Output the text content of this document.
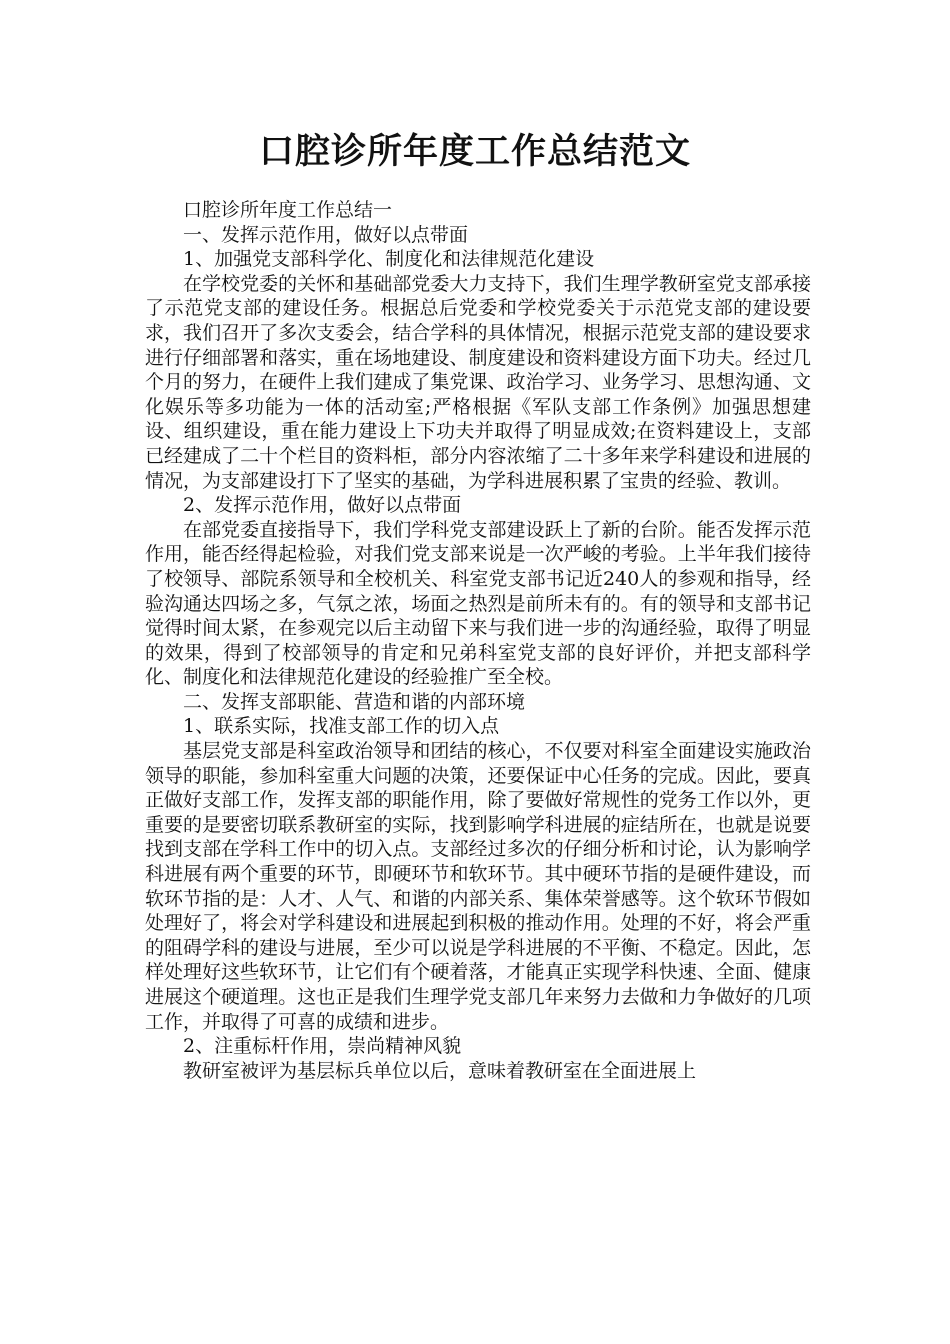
口腔诊所年度工作总结范文

口腔诊所年度工作总结一

一、发挥示范作用，做好以点带面

1、加强党支部科学化、制度化和法律规范化建设

在学校党委的关怀和基础部党委大力支持下，我们生理学教研室党支部承接了示范党支部的建设任务。根据总后党委和学校党委关于示范党支部的建设要求，我们召开了多次支委会，结合学科的具体情况，根据示范党支部的建设要求进行仔细部署和落实，重在场地建设、制度建设和资料建设方面下功夫。经过几个月的努力，在硬件上我们建成了集党课、政治学习、业务学习、思想沟通、文化娱乐等多功能为一体的活动室;严格根据《军队支部工作条例》加强思想建设、组织建设，重在能力建设上下功夫并取得了明显成效;在资料建设上，支部已经建成了二十个栏目的资料柜，部分内容浓缩了二十多年来学科建设和进展的情况，为支部建设打下了坚实的基础，为学科进展积累了宝贵的经验、教训。

2、发挥示范作用，做好以点带面

在部党委直接指导下，我们学科党支部建设跃上了新的台阶。能否发挥示范作用，能否经得起检验，对我们党支部来说是一次严峻的考验。上半年我们接待了校领导、部院系领导和全校机关、科室党支部书记近240人的参观和指导，经验沟通达四场之多，气氛之浓，场面之热烈是前所未有的。有的领导和支部书记觉得时间太紧，在参观完以后主动留下来与我们进一步的沟通经验，取得了明显的效果，得到了校部领导的肯定和兄弟科室党支部的良好评价，并把支部科学化、制度化和法律规范化建设的经验推广至全校。

二、发挥支部职能、营造和谐的内部环境

1、联系实际，找准支部工作的切入点

基层党支部是科室政治领导和团结的核心，不仅要对科室全面建设实施政治领导的职能，参加科室重大问题的决策，还要保证中心任务的完成。因此，要真正做好支部工作，发挥支部的职能作用，除了要做好常规性的党务工作以外，更重要的是要密切联系教研室的实际，找到影响学科进展的症结所在，也就是说要找到支部在学科工作中的切入点。支部经过多次的仔细分析和讨论，认为影响学科进展有两个重要的环节，即硬环节和软环节。其中硬环节指的是硬件建设，而软环节指的是：人才、人气、和谐的内部关系、集体荣誉感等。这个软环节假如处理好了，将会对学科建设和进展起到积极的推动作用。处理的不好，将会严重的阻碍学科的建设与进展，至少可以说是学科进展的不平衡、不稳定。因此，怎样处理好这些软环节，让它们有个硬着落，才能真正实现学科快速、全面、健康进展这个硬道理。这也正是我们生理学党支部几年来努力去做和力争做好的几项工作，并取得了可喜的成绩和进步。

2、注重标杆作用，崇尚精神风貌

教研室被评为基层标兵单位以后，意味着教研室在全面进展上
